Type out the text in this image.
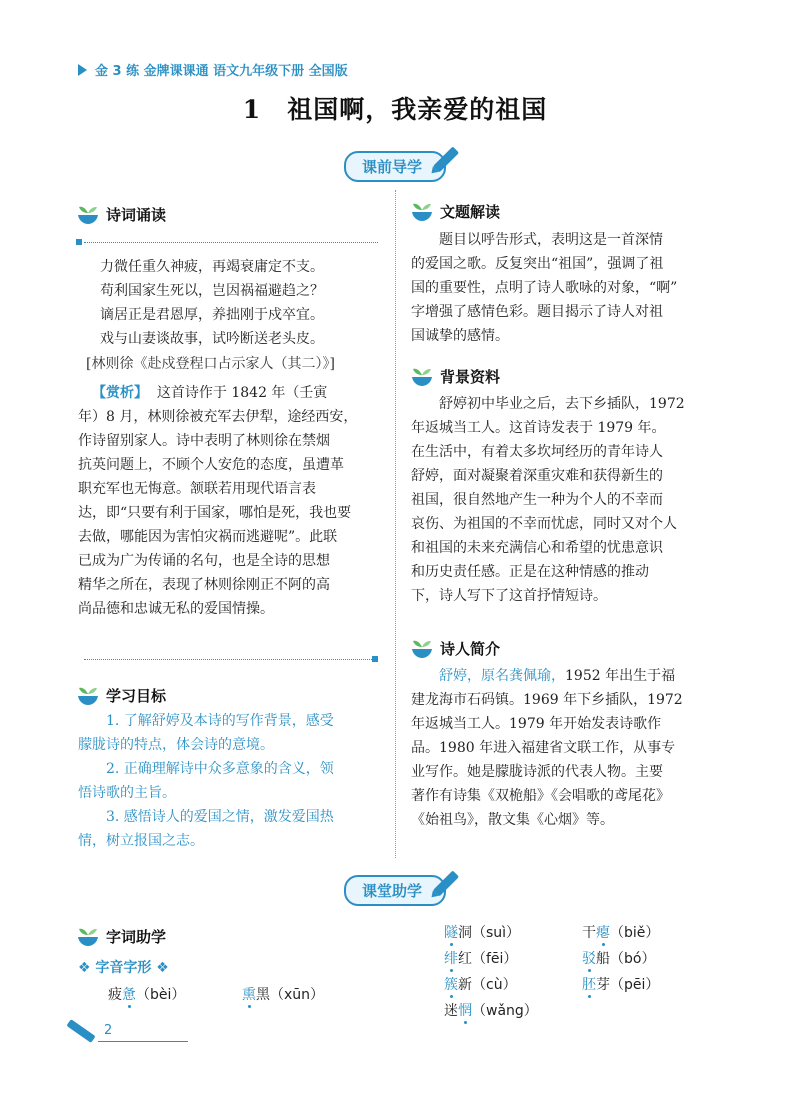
金 3 练 金牌课课通 语文九年级下册 全国版
1 祖国啊，我亲爱的祖国
课前导学
诗词诵读
力微任重久神疲，再竭衰庸定不支。
苟利国家生死以，岂因祸福避趋之？
谪居正是君恩厚，养拙刚于戍卒宜。
戏与山妻谈故事，试吟断送老头皮。
[林则徐《赴戍登程口占示家人（其二）》]
【赏析】 这首诗作于 1842 年（壬寅
年）8 月，林则徐被充军去伊犁，途经西安，
作诗留别家人。诗中表明了林则徐在禁烟
抗英问题上，不顾个人安危的态度，虽遭革
职充军也无悔意。颔联若用现代语言表
达，即“只要有利于国家，哪怕是死，我也要
去做，哪能因为害怕灾祸而逃避呢”。此联
已成为广为传诵的名句，也是全诗的思想
精华之所在，表现了林则徐刚正不阿的高
尚品德和忠诚无私的爱国情操。
学习目标
1. 了解舒婷及本诗的写作背景，感受
朦胧诗的特点，体会诗的意境。
2. 正确理解诗中众多意象的含义，领
悟诗歌的主旨。
3. 感悟诗人的爱国之情，激发爱国热
情，树立报国之志。
文题解读
题目以呼告形式，表明这是一首深情
的爱国之歌。反复突出“祖国”，强调了祖
国的重要性，点明了诗人歌咏的对象，“啊”
字增强了感情色彩。题目揭示了诗人对祖
国诚挚的感情。
背景资料
舒婷初中毕业之后，去下乡插队，1972
年返城当工人。这首诗发表于 1979 年。
在生活中，有着太多坎坷经历的青年诗人
舒婷，面对凝聚着深重灾难和获得新生的
祖国，很自然地产生一种为个人的不幸而
哀伤、为祖国的不幸而忧虑，同时又对个人
和祖国的未来充满信心和希望的忧患意识
和历史责任感。正是在这种情感的推动
下，诗人写下了这首抒情短诗。
诗人简介
舒婷，原名龚佩瑜，1952 年出生于福
建龙海市石码镇。1969 年下乡插队，1972
年返城当工人。1979 年开始发表诗歌作
品。1980 年进入福建省文联工作，从事专
业写作。她是朦胧诗派的代表人物。主要
著作有诗集《双桅船》《会唱歌的鸢尾花》
《始祖鸟》，散文集《心烟》等。
课堂助学
字词助学
❖ 字音字形 ❖
疲惫（bèi）	熏黑（xūn）
隧洞（suì）	干瘪（biě）
绯红（fēi）	驳船（bó）
簇新（cù）	胚芽（pēi）
迷惘（wǎng）
2
